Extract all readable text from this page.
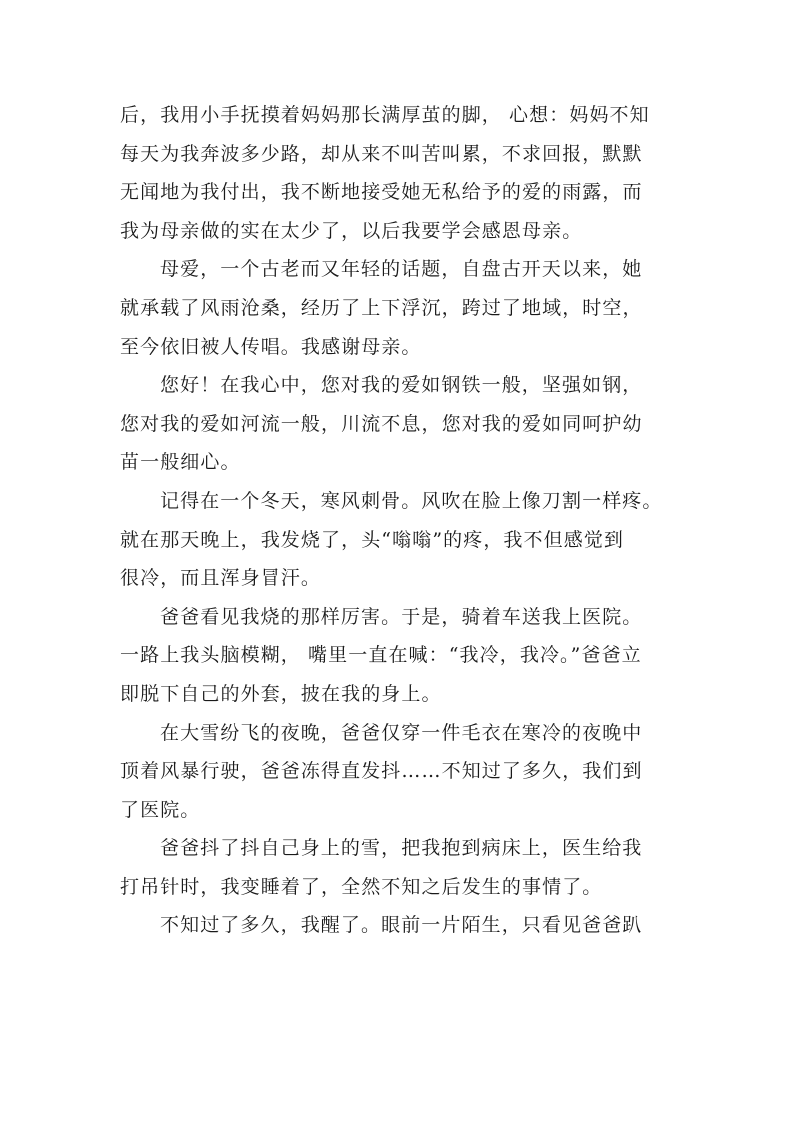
后，我用小手抚摸着妈妈那长满厚茧的脚， 心想：妈妈不知
每天为我奔波多少路，却从来不叫苦叫累，不求回报，默默
无闻地为我付出，我不断地接受她无私给予的爱的雨露，而
我为母亲做的实在太少了，以后我要学会感恩母亲。
母爱，一个古老而又年轻的话题，自盘古开天以来，她
就承载了风雨沧桑，经历了上下浮沉，跨过了地域，时空，
至今依旧被人传唱。我感谢母亲。
您好！在我心中，您对我的爱如钢铁一般，坚强如钢，
您对我的爱如河流一般，川流不息，您对我的爱如同呵护幼
苗一般细心。
记得在一个冬天，寒风刺骨。风吹在脸上像刀割一样疼。
就在那天晚上，我发烧了，头“嗡嗡”的疼，我不但感觉到
很冷，而且浑身冒汗。
爸爸看见我烧的那样厉害。于是，骑着车送我上医院。
一路上我头脑模糊， 嘴里一直在喊：“我冷，我冷。”爸爸立
即脱下自己的外套，披在我的身上。
在大雪纷飞的夜晚，爸爸仅穿一件毛衣在寒冷的夜晚中
顶着风暴行驶，爸爸冻得直发抖……不知过了多久，我们到
了医院。
爸爸抖了抖自己身上的雪，把我抱到病床上，医生给我
打吊针时，我变睡着了，全然不知之后发生的事情了。
不知过了多久，我醒了。眼前一片陌生，只看见爸爸趴
